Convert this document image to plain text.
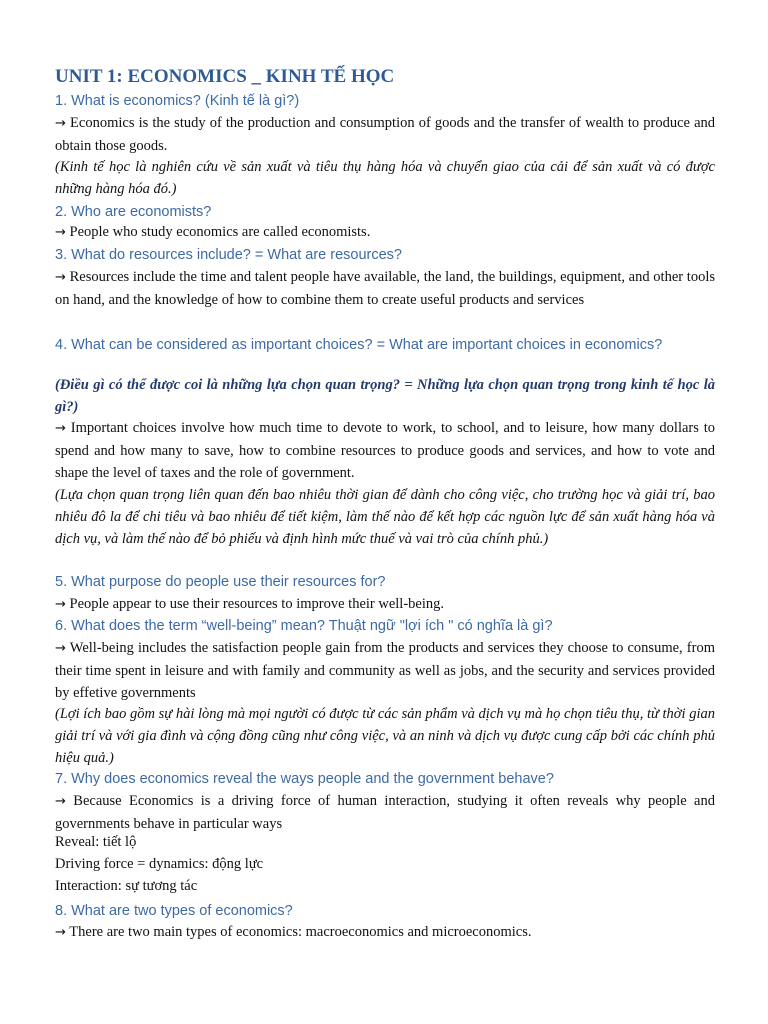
UNIT 1: ECONOMICS _ KINH TẾ HỌC
1. What is economics? (Kinh tế là gì?)
→ Economics is the study of the production and consumption of goods and the transfer of wealth to produce and obtain those goods.
(Kinh tế học là nghiên cứu về sản xuất và tiêu thụ hàng hóa và chuyển giao của cải để sản xuất và có được những hàng hóa đó.)
2. Who are economists?
→ People who study economics are called economists.
3. What do resources include? = What are resources?
→ Resources include the time and talent people have available, the land, the buildings, equipment, and other tools on hand, and the knowledge of how to combine them to create useful products and services
4. What can be considered as important choices? = What are important choices in economics?
(Điều gì có thể được coi là những lựa chọn quan trọng? = Những lựa chọn quan trọng trong kinh tế học là gì?)
→ Important choices involve how much time to devote to work, to school, and to leisure, how many dollars to spend and how many to save, how to combine resources to produce goods and services, and how to vote and shape the level of taxes and the role of government.
(Lựa chọn quan trọng liên quan đến bao nhiêu thời gian để dành cho công việc, cho trường học và giải trí, bao nhiêu đô la để chi tiêu và bao nhiêu để tiết kiệm, làm thế nào để kết hợp các nguồn lực để sản xuất hàng hóa và dịch vụ, và làm thế nào để bỏ phiếu và định hình mức thuế và vai trò của chính phủ.)
5. What purpose do people use their resources for?
→ People appear to use their resources to improve their well-being.
6. What does the term “well-being” mean? Thuật ngữ "lợi ích " có nghĩa là gì?
→ Well-being includes the satisfaction people gain from the products and services they choose to consume, from their time spent in leisure and with family and community as well as jobs, and the security and services provided by effetive governments
(Lợi ích bao gồm sự hài lòng mà mọi người có được từ các sản phẩm và dịch vụ mà họ chọn tiêu thụ, từ thời gian giải trí và với gia đình và cộng đồng cũng như công việc, và an ninh và dịch vụ được cung cấp bởi các chính phủ hiệu quả.)
7. Why does economics reveal the ways people and the government behave?
→ Because Economics is a driving force of human interaction, studying it often reveals why people and governments behave in particular ways
Reveal: tiết lộ
Driving force = dynamics: động lực
Interaction: sự tương tác
8. What are two types of economics?
→ There are two main types of economics: macroeconomics and microeconomics.
